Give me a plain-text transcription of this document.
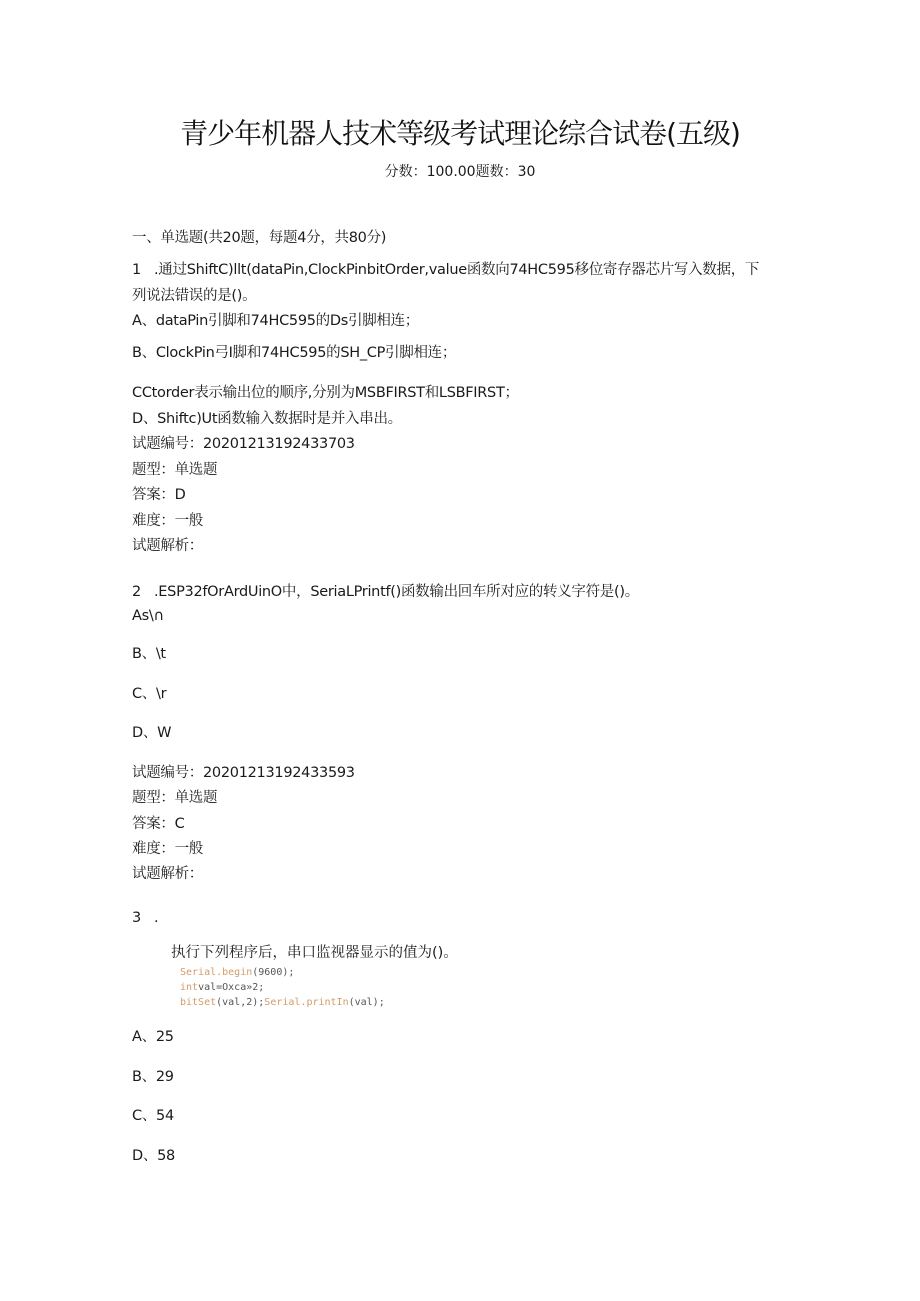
青少年机器人技术等级考试理论综合试卷(五级)
分数：100.00题数：30
一、单选题(共20题，每题4分，共80分)
1 .通过ShiftC)llt(dataPin,ClockPinbitOrder,value函数向74HC595移位寄存器芯片写入数据，下
列说法错误的是()。
A、dataPin引脚和74HC595的Ds引脚相连；
B、ClockPin弓I脚和74HC595的SH_CP引脚相连；
CCtorder表示输出位的顺序,分别为MSBFIRST和LSBFIRST；
D、Shiftc)Ut函数输入数据时是并入串出。
试题编号：20201213192433703
题型：单选题
答案：D
难度：一般
试题解析：
2 .ESP32fOrArdUinO中，SeriaLPrintf()函数输出回车所对应的转义字符是()。
As\∩
B、\t
C、\r
D、W
试题编号：20201213192433593
题型：单选题
答案：C
难度：一般
试题解析：
3 .
执行下列程序后，串口监视器显示的值为()。
Serial.begin(9600);
intval=Oxca»2;
bitSet(val,2);Serial.printIn(val);
A、25
B、29
C、54
D、58
